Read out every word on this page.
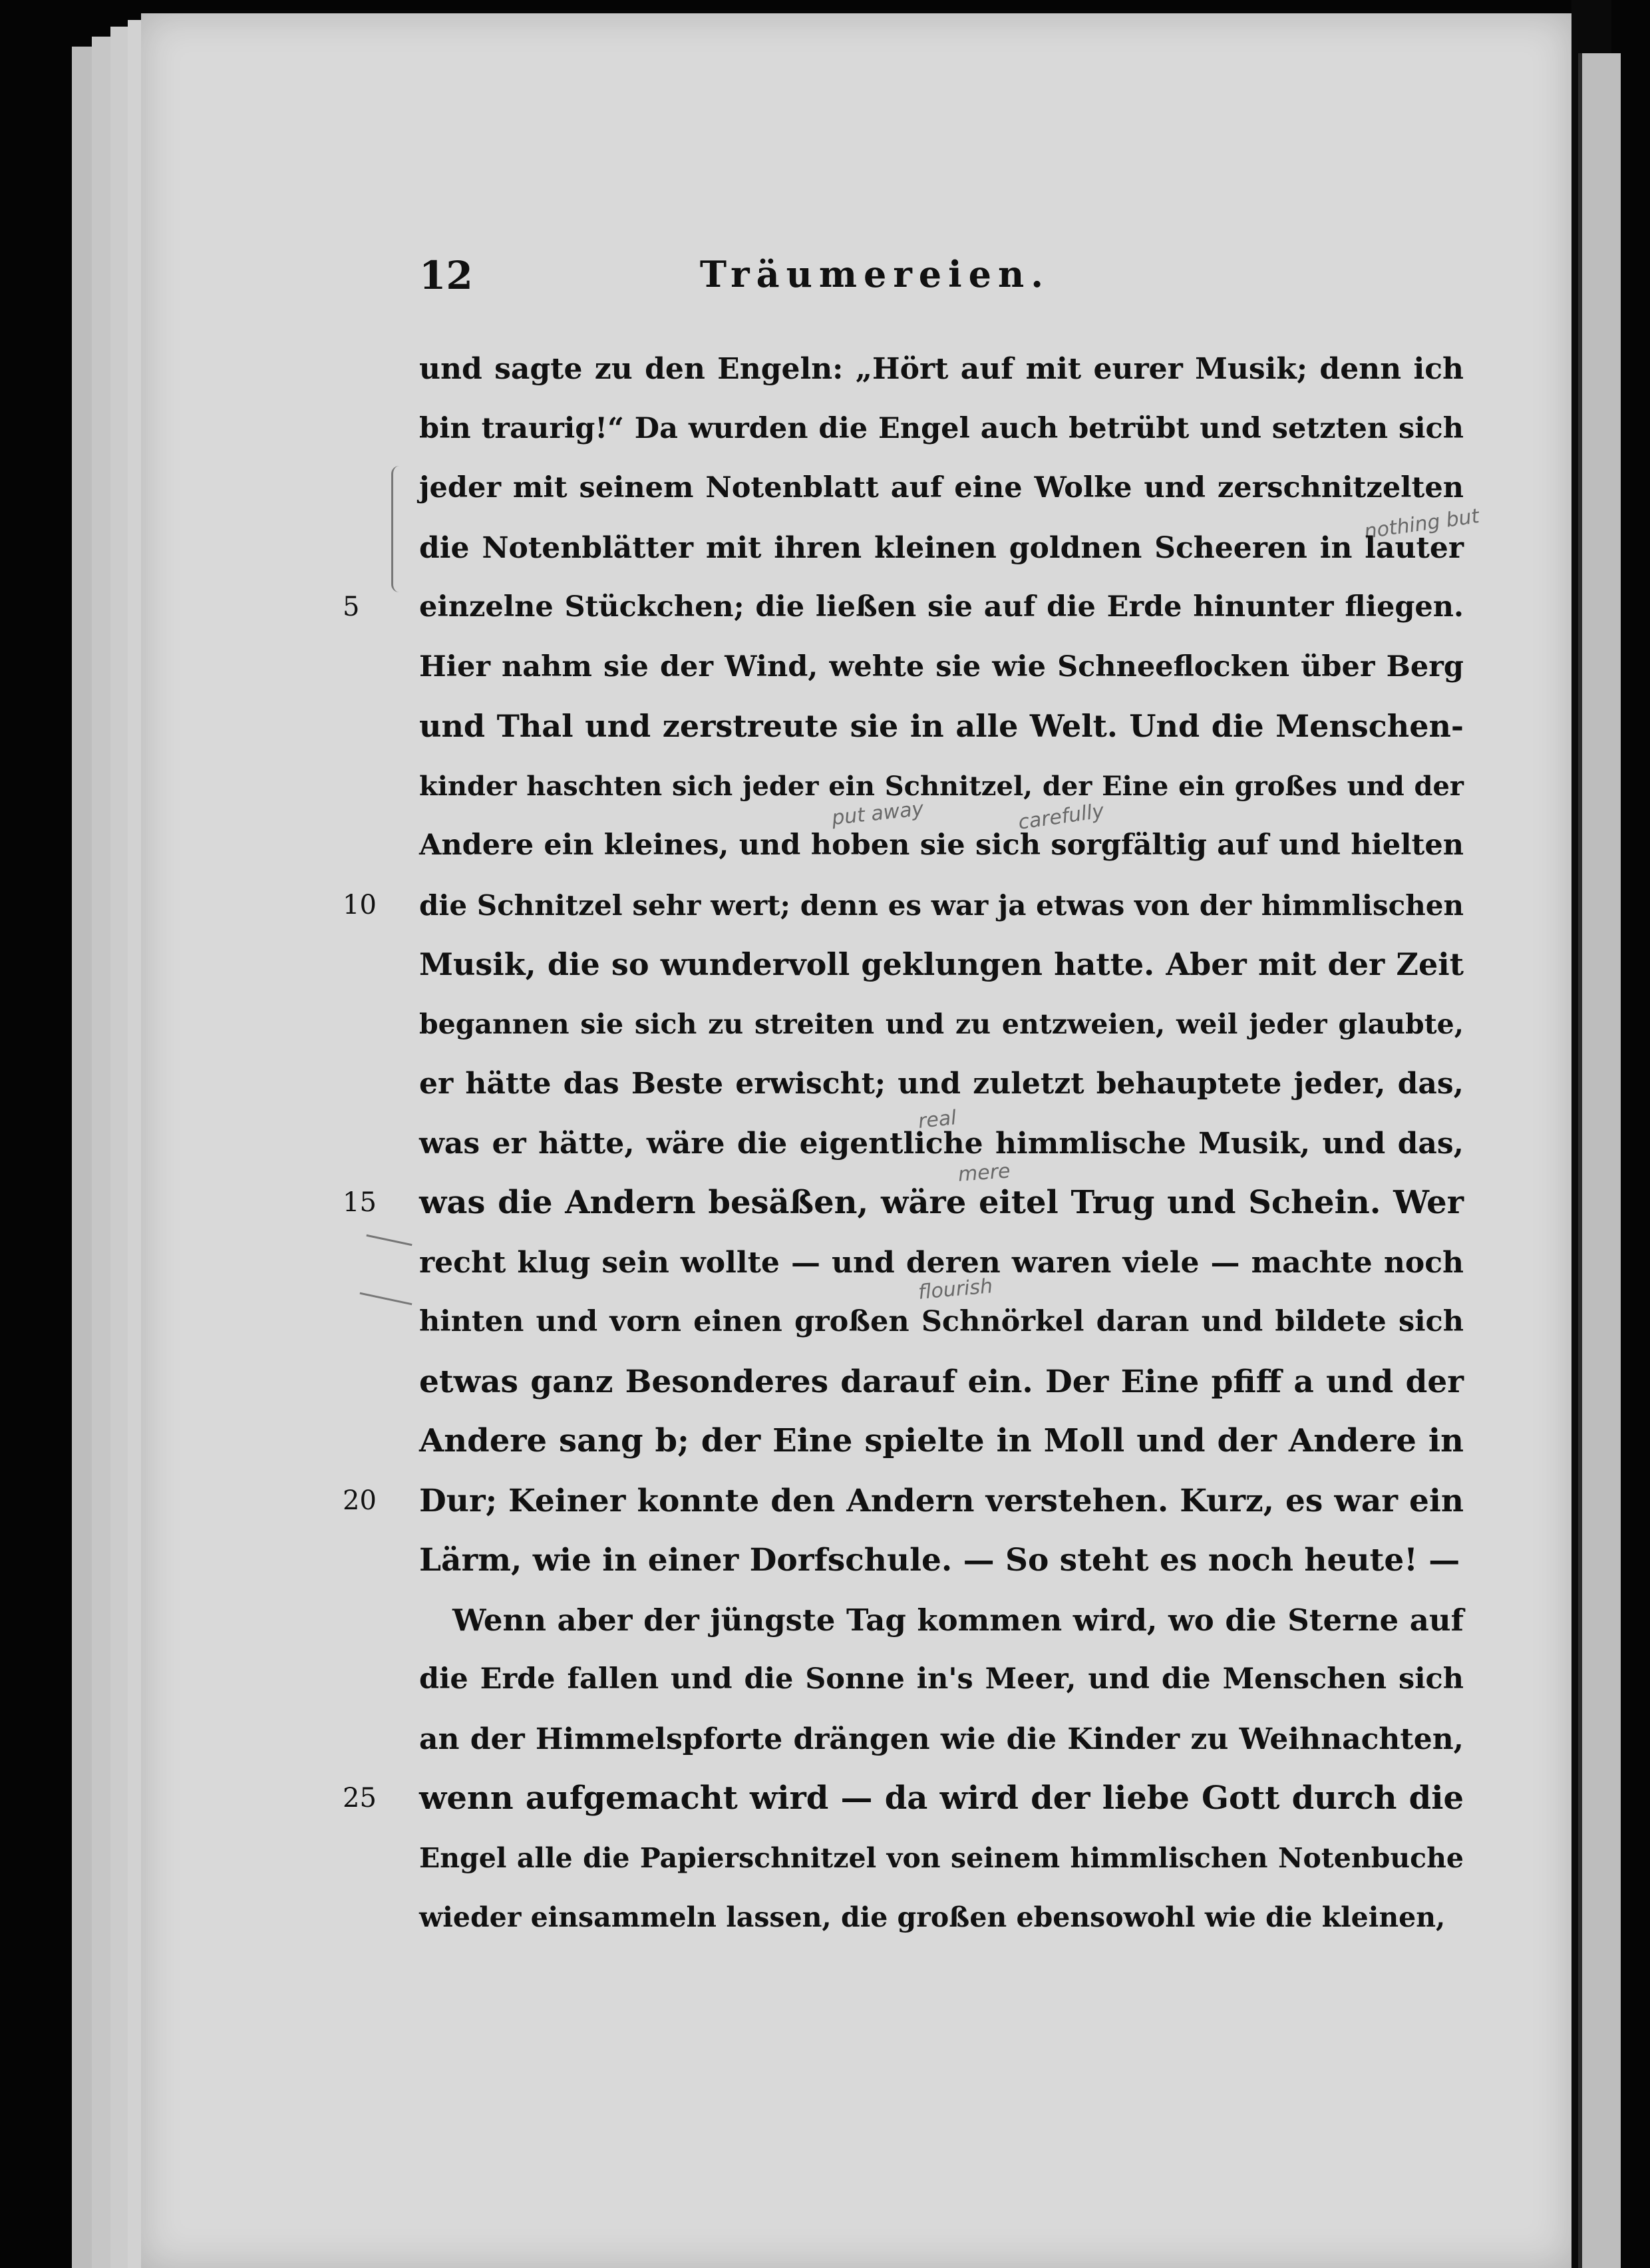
12	Träumereien.
nothing but
put away	carefully
real
mere
flourish
und sagte zu den Engeln: „Hört auf mit eurer Musik; denn ich
bin traurig!“ Da wurden die Engel auch betrübt und setzten sich
jeder mit seinem Notenblatt auf eine Wolke und zerschnitzelten
die Notenblätter mit ihren kleinen goldnen Scheeren in lauter
einzelne Stückchen; die ließen sie auf die Erde hinunter fliegen.
5
Hier nahm sie der Wind, wehte sie wie Schneeflocken über Berg
und Thal und zerstreute sie in alle Welt. Und die Menschen-
kinder haschten sich jeder ein Schnitzel, der Eine ein großes und der
Andere ein kleines, und hoben sie sich sorgfältig auf und hielten
die Schnitzel sehr wert; denn es war ja etwas von der himmlischen
10
Musik, die so wundervoll geklungen hatte. Aber mit der Zeit
begannen sie sich zu streiten und zu entzweien, weil jeder glaubte,
er hätte das Beste erwischt; und zuletzt behauptete jeder, das,
was er hätte, wäre die eigentliche himmlische Musik, und das,
was die Andern besäßen, wäre eitel Trug und Schein. Wer
15
recht klug sein wollte — und deren waren viele — machte noch
hinten und vorn einen großen Schnörkel daran und bildete sich
etwas ganz Besonderes darauf ein. Der Eine pfiff a und der
Andere sang b; der Eine spielte in Moll und der Andere in
Dur; Keiner konnte den Andern verstehen. Kurz, es war ein
20
Lärm, wie in einer Dorfschule. — So steht es noch heute! —
Wenn aber der jüngste Tag kommen wird, wo die Sterne auf
die Erde fallen und die Sonne in's Meer, und die Menschen sich
an der Himmelspforte drängen wie die Kinder zu Weihnachten,
wenn aufgemacht wird — da wird der liebe Gott durch die
25
Engel alle die Papierschnitzel von seinem himmlischen Notenbuche
wieder einsammeln lassen, die großen ebensowohl wie die kleinen,
